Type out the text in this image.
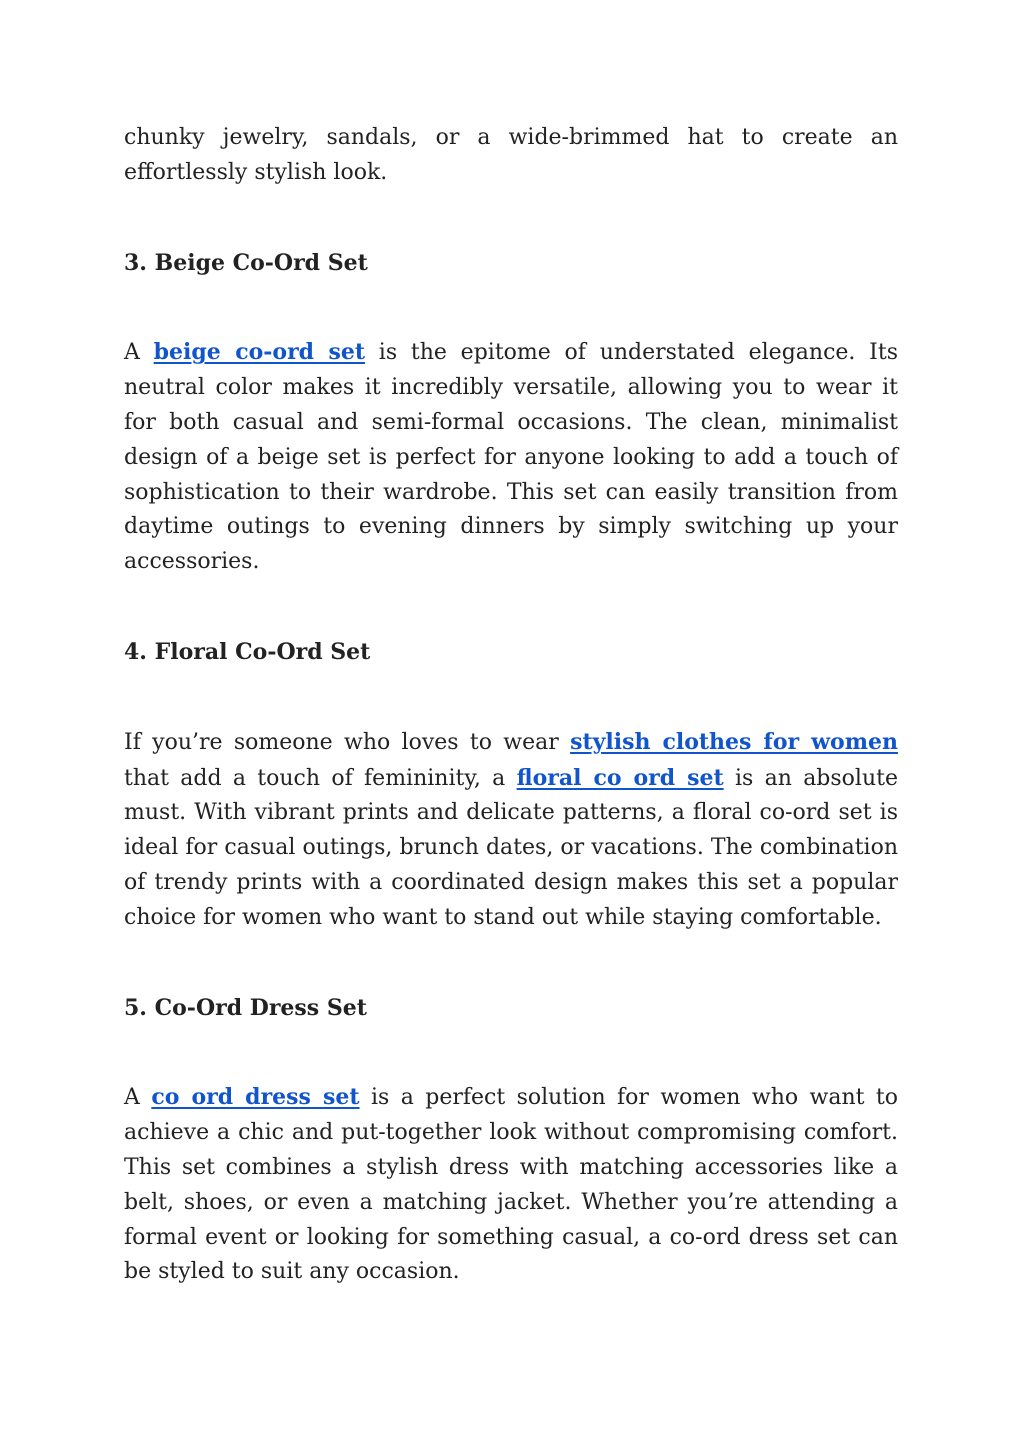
chunky jewelry, sandals, or a wide-brimmed hat to create an effortlessly stylish look.

3. Beige Co-Ord Set

A beige co-ord set is the epitome of understated elegance. Its neutral color makes it incredibly versatile, allowing you to wear it for both casual and semi-formal occasions. The clean, minimalist design of a beige set is perfect for anyone looking to add a touch of sophistication to their wardrobe. This set can easily transition from daytime outings to evening dinners by simply switching up your accessories.

4. Floral Co-Ord Set

If you’re someone who loves to wear stylish clothes for women that add a touch of femininity, a floral co ord set is an absolute must. With vibrant prints and delicate patterns, a floral co-ord set is ideal for casual outings, brunch dates, or vacations. The combination of trendy prints with a coordinated design makes this set a popular choice for women who want to stand out while staying comfortable.

5. Co-Ord Dress Set

A co ord dress set is a perfect solution for women who want to achieve a chic and put-together look without compromising comfort. This set combines a stylish dress with matching accessories like a belt, shoes, or even a matching jacket. Whether you’re attending a formal event or looking for something casual, a co-ord dress set can be styled to suit any occasion.
